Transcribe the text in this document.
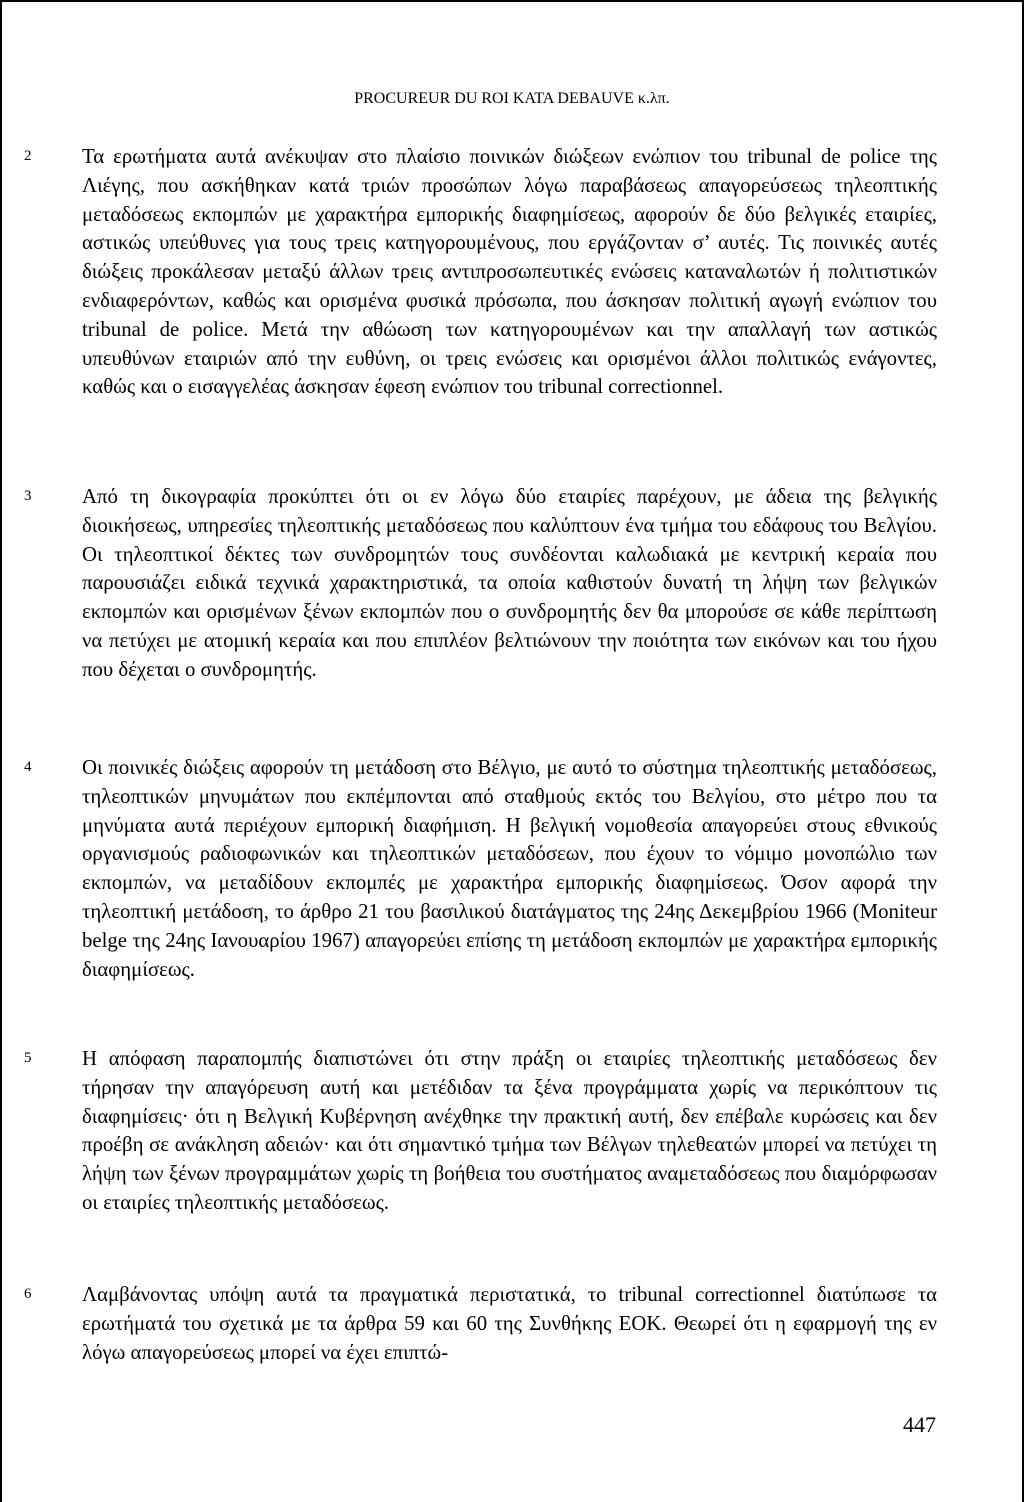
PROCUREUR DU ROI KATA DEBAUVE κ.λπ.
2 Τα ερωτήματα αυτά ανέκυψαν στο πλαίσιο ποινικών διώξεων ενώπιον του tribunal de police της Λιέγης, που ασκήθηκαν κατά τριών προσώπων λόγω παραβάσεως απαγορεύσεως τηλεοπτικής μεταδόσεως εκπομπών με χαρακτήρα εμπορικής διαφημίσεως, αφορούν δε δύο βελγικές εταιρίες, αστικώς υπεύθυνες για τους τρεις κατηγορουμένους, που εργάζονταν σ’ αυτές. Τις ποινικές αυτές διώξεις προκάλεσαν μεταξύ άλλων τρεις αντιπροσωπευτικές ενώσεις καταναλωτών ή πολιτιστικών ενδιαφερόντων, καθώς και ορισμένα φυσικά πρόσωπα, που άσκησαν πολιτική αγωγή ενώπιον του tribunal de police. Μετά την αθώωση των κατηγορουμένων και την απαλλαγή των αστικώς υπευθύνων εταιριών από την ευθύνη, οι τρεις ενώσεις και ορισμένοι άλλοι πολιτικώς ενάγοντες, καθώς και ο εισαγγελέας άσκησαν έφεση ενώπιον του tribunal correctionnel.
3 Από τη δικογραφία προκύπτει ότι οι εν λόγω δύο εταιρίες παρέχουν, με άδεια της βελγικής διοικήσεως, υπηρεσίες τηλεοπτικής μεταδόσεως που καλύπτουν ένα τμήμα του εδάφους του Βελγίου. Οι τηλεοπτικοί δέκτες των συνδρομητών τους συνδέονται καλωδιακά με κεντρική κεραία που παρουσιάζει ειδικά τεχνικά χαρακτηριστικά, τα οποία καθιστούν δυνατή τη λήψη των βελγικών εκπομπών και ορισμένων ξένων εκπομπών που ο συνδρομητής δεν θα μπορούσε σε κάθε περίπτωση να πετύχει με ατομική κεραία και που επιπλέον βελτιώνουν την ποιότητα των εικόνων και του ήχου που δέχεται ο συνδρομητής.
4 Οι ποινικές διώξεις αφορούν τη μετάδοση στο Βέλγιο, με αυτό το σύστημα τηλεοπτικής μεταδόσεως, τηλεοπτικών μηνυμάτων που εκπέμπονται από σταθμούς εκτός του Βελγίου, στο μέτρο που τα μηνύματα αυτά περιέχουν εμπορική διαφήμιση. Η βελγική νομοθεσία απαγορεύει στους εθνικούς οργανισμούς ραδιοφωνικών και τηλεοπτικών μεταδόσεων, που έχουν το νόμιμο μονοπώλιο των εκπομπών, να μεταδίδουν εκπομπές με χαρακτήρα εμπορικής διαφημίσεως. Όσον αφορά την τηλεοπτική μετάδοση, το άρθρο 21 του βασιλικού διατάγματος της 24ης Δεκεμβρίου 1966 (Moniteur belge της 24ης Ιανουαρίου 1967) απαγορεύει επίσης τη μετάδοση εκπομπών με χαρακτήρα εμπορικής διαφημίσεως.
5 Η απόφαση παραπομπής διαπιστώνει ότι στην πράξη οι εταιρίες τηλεοπτικής μεταδόσεως δεν τήρησαν την απαγόρευση αυτή και μετέδιδαν τα ξένα προγράμματα χωρίς να περικόπτουν τις διαφημίσεις· ότι η Βελγική Κυβέρνηση ανέχθηκε την πρακτική αυτή, δεν επέβαλε κυρώσεις και δεν προέβη σε ανάκληση αδειών· και ότι σημαντικό τμήμα των Βέλγων τηλεθεατών μπορεί να πετύχει τη λήψη των ξένων προγραμμάτων χωρίς τη βοήθεια του συστήματος αναμεταδόσεως που διαμόρφωσαν οι εταιρίες τηλεοπτικής μεταδόσεως.
6 Λαμβάνοντας υπόψη αυτά τα πραγματικά περιστατικά, το tribunal correctionnel διατύπωσε τα ερωτήματά του σχετικά με τα άρθρα 59 και 60 της Συνθήκης ΕΟΚ. Θεωρεί ότι η εφαρμογή της εν λόγω απαγορεύσεως μπορεί να έχει επιπτώ-
447
